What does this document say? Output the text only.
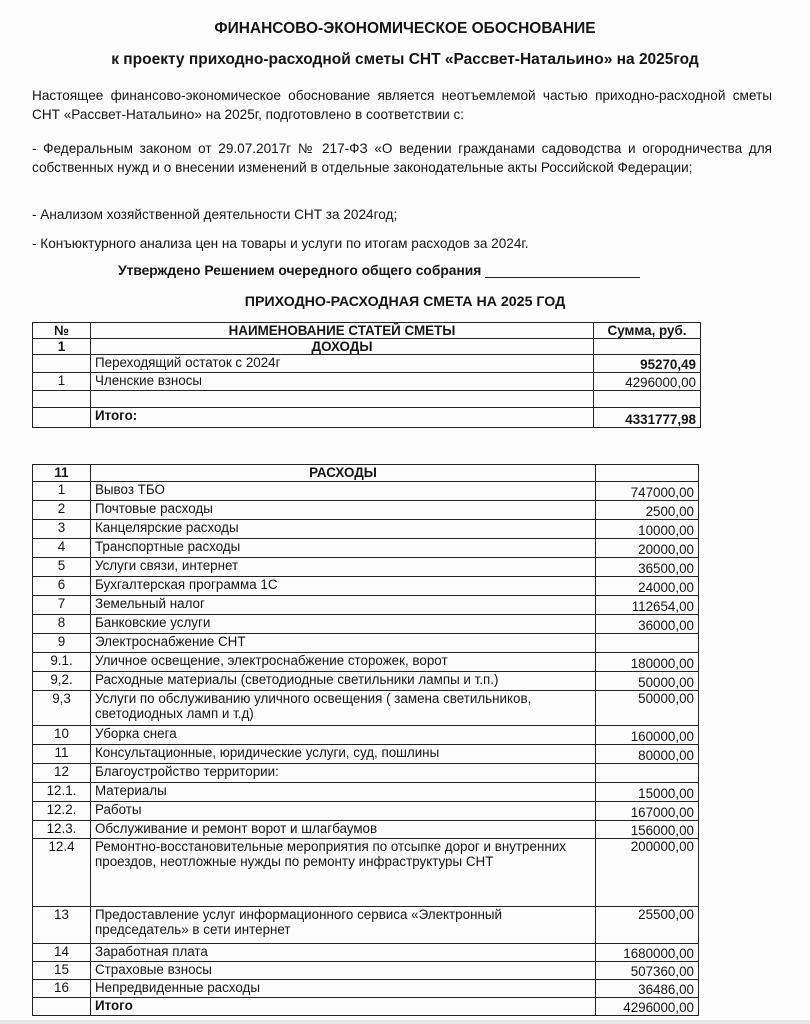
ФИНАНСОВО-ЭКОНОМИЧЕСКОЕ ОБОСНОВАНИЕ
к проекту приходно-расходной сметы СНТ «Рассвет-Натальино» на 2025год
Настоящее финансово-экономическое обоснование является неотъемлемой частью приходно-расходной сметы СНТ «Рассвет-Натальино» на 2025г, подготовлено в соответствии с:
- Федеральным законом от 29.07.2017г № 217-ФЗ «О ведении гражданами садоводства и огородничества для собственных нужд и о внесении изменений в отдельные законодательные акты Российской Федерации;
- Анализом хозяйственной деятельности СНТ за 2024год;
- Конъюктурного анализа цен на товары и услуги по итогам расходов за 2024г.
Утверждено Решением очередного общего собрания
ПРИХОДНО-РАСХОДНАЯ СМЕТА НА 2025 ГОД
№	НАИМЕНОВАНИЕ СТАТЕЙ СМЕТЫ	Сумма, руб.
1	ДОХОДЫ	
	Переходящий остаток с 2024г	95270,49
1	Членские взносы	4296000,00

	Итого:	4331777,98
11	РАСХОДЫ	
1	Вывоз ТБО	747000,00
2	Почтовые расходы	2500,00
3	Канцелярские расходы	10000,00
4	Транспортные расходы	20000,00
5	Услуги связи, интернет	36500,00
6	Бухгалтерская программа 1С	24000,00
7	Земельный налог	112654,00
8	Банковские услуги	36000,00
9	Электроснабжение СНТ	
9.1.	Уличное освещение, электроснабжение сторожек, ворот	180000,00
9,2.	Расходные материалы (светодиодные светильники лампы и т.п.)	50000,00
9,3	Услуги по обслуживанию уличного освещения ( замена светильников, светодиодных ламп и т.д)	50000,00
10	Уборка снега	160000,00
11	Консультационные, юридические услуги, суд, пошлины	80000,00
12	Благоустройство территории:	
12.1.	Материалы	15000,00
12.2.	Работы	167000,00
12.3.	Обслуживание и ремонт ворот и шлагбаумов	156000,00
12.4	Ремонтно-восстановительные мероприятия по отсыпке дорог и внутренних проездов, неотложные нужды по ремонту инфраструктуры СНТ	200000,00
13	Предоставление услуг информационного сервиса «Электронный председатель» в сети интернет	25500,00
14	Заработная плата	1680000,00
15	Страховые взносы	507360,00
16	Непредвиденные расходы	36486,00
	Итого	4296000,00
